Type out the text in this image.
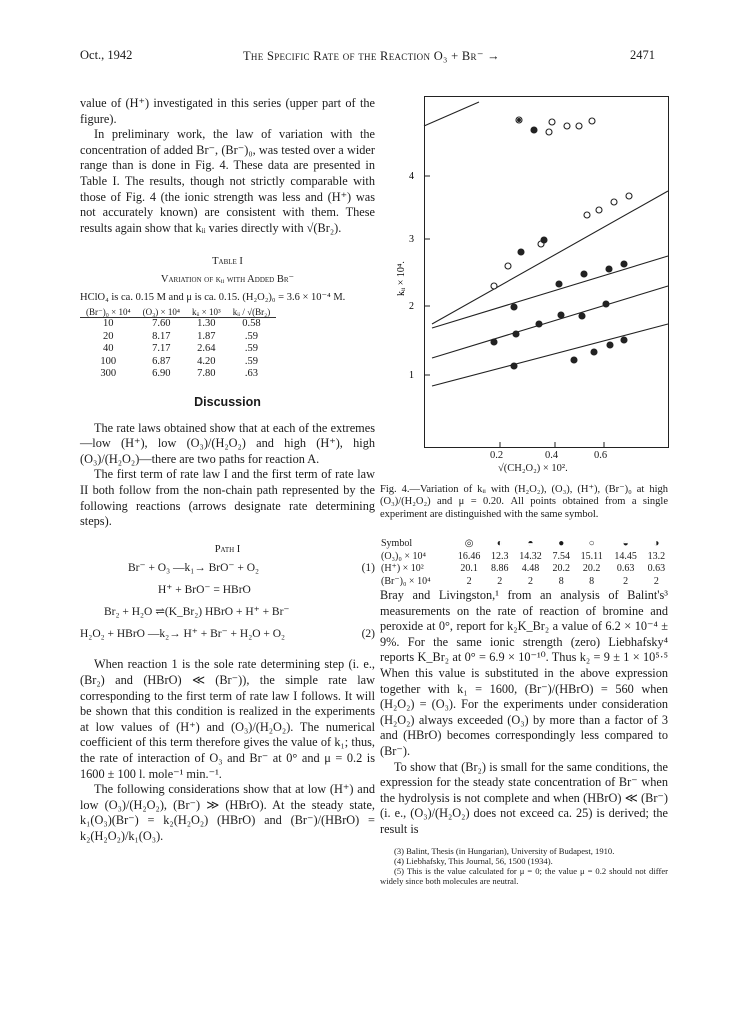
Oct., 1942	The Specific Rate of the Reaction O₃ + Br⁻ →	2471

value of (H⁺) investigated in this series (upper part of the figure).

In preliminary work, the law of variation with the concentration of added Br⁻, (Br⁻)₀, was tested over a wider range than is done in Fig. 4. These data are presented in Table I. The results, though not strictly comparable with those of Fig. 4 (the ionic strength was less and (H⁺) was not accurately known) are consistent with them. These results again show that kᵢᵢ varies directly with √(Br₂).

Table I
Variation of kᵢᵢ with Added Br⁻
HClO₄ is ca. 0.15 M and μ is ca. 0.15. (H₂O₂)₀ = 3.6 × 10⁻⁴ M.
(Br⁻)₀ × 10⁴	(O₃) × 10⁴	kᵢᵢ × 10³	kᵢᵢ / √(Br₂)
10	7.60	1.30	0.58
20	8.17	1.87	.59
40	7.17	2.64	.59
100	6.87	4.20	.59
300	6.90	7.80	.63
Discussion

The rate laws obtained show that at each of the extremes—low (H⁺), low (O₃)/(H₂O₂) and high (H⁺), high (O₃)/(H₂O₂)—there are two paths for reaction A.

The first term of rate law I and the first term of rate law II both follow from the non-chain path represented by the following reactions (arrows designate rate determining steps).

Path I
Br⁻ + O₃ —k₁→ BrO⁻ + O₂	(1)
H⁺ + BrO⁻ = HBrO
Br₂ + H₂O ⇌(K_Br₂) HBrO + H⁺ + Br⁻
H₂O₂ + HBrO —k₂→ H⁺ + Br⁻ + H₂O + O₂	(2)

When reaction 1 is the sole rate determining step (i. e., (Br₂) and (HBrO) ≪ (Br⁻)), the simple rate law corresponding to the first term of rate law I follows. It will be shown that this condition is realized in the experiments at low values of (H⁺) and (O₃)/(H₂O₂). The numerical coefficient of this term therefore gives the value of k₁; thus, the rate of interaction of O₃ and Br⁻ at 0° and μ = 0.2 is 1600 ± 100 l. mole⁻¹ min.⁻¹.

The following considerations show that at low (H⁺) and low (O₃)/(H₂O₂), (Br⁻) ≫ (HBrO). At the steady state, k₁(O₃)(Br⁻) = k₂(H₂O₂) (HBrO) and (Br⁻)/(HBrO) = k₂(H₂O₂)/k₁(O₃).

4
3
2
1
kᵢᵢ × 10⁴.
0.2	0.4	0.6
√(CH₂O₂) × 10².
Fig. 4.—Variation of kᵢᵢ with (H₂O₂), (O₃), (H⁺), (Br⁻)₀ at high (O₃)/(H₂O₂) and μ = 0.20. All points obtained from a single experiment are distinguished with the same symbol.
Symbol	◎	◐	◓	●	○	◒	◑
(O₃)₀ × 10⁴	16.46	12.3	14.32	7.54	15.11	14.45	13.2
(H⁺) × 10²	20.1	8.86	4.48	20.2	20.2	0.63	0.63
(Br⁻)₀ × 10⁴	2	2	2	8	8	2	2

Bray and Livingston,¹ from an analysis of Balint's³ measurements on the rate of reaction of bromine and peroxide at 0°, report for k₂K_Br₂ a value of 6.2 × 10⁻⁴ ± 9%. For the same ionic strength (zero) Liebhafsky⁴ reports K_Br₂ at 0° = 6.9 × 10⁻¹⁰. Thus k₂ = 9 ± 1 × 10⁵·⁵ When this value is substituted in the above expression together with k₁ = 1600, (Br⁻)/(HBrO) = 560 when (H₂O₂) = (O₃). For the experiments under consideration (H₂O₂) always exceeded (O₃) by more than a factor of 3 and (HBrO) becomes correspondingly less compared to (Br⁻).

To show that (Br₂) is small for the same conditions, the expression for the steady state concentration of Br⁻ when the hydrolysis is not complete and when (HBrO) ≪ (Br⁻) (i. e., (O₃)/(H₂O₂) does not exceed ca. 25) is derived; the result is

(3) Balint, Thesis (in Hungarian), University of Budapest, 1910.

(4) Liebhafsky, This Journal, 56, 1500 (1934).

(5) This is the value calculated for μ = 0; the value μ = 0.2 should not differ widely since both molecules are neutral.
